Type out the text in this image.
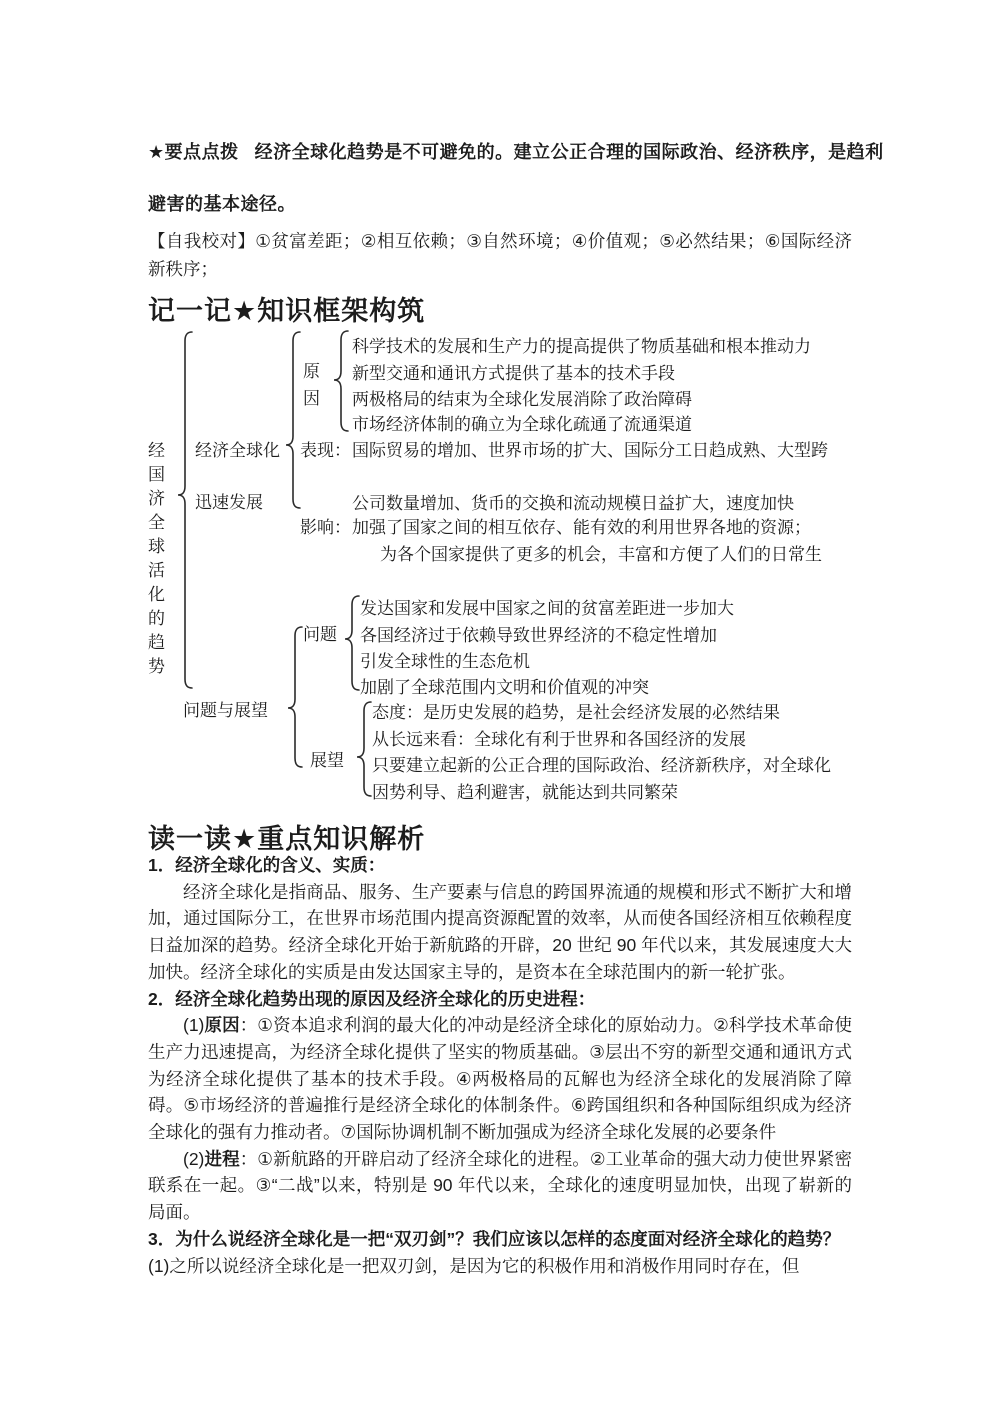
★要点点拨 经济全球化趋势是不可避免的。建立公正合理的国际政治、经济秩序，是趋利
避害的基本途径。
【自我校对】①贫富差距；②相互依赖；③自然环境；④价值观；⑤必然结果；⑥国际经济新秩序；
记一记★知识框架构筑
经国济全球活化的趋势
经济全球化
迅速发展
原因
科学技术的发展和生产力的提高提供了物质基础和根本推动力
新型交通和通讯方式提供了基本的技术手段
两极格局的结束为全球化发展消除了政治障碍
市场经济体制的确立为全球化疏通了流通渠道
表现： 国际贸易的增加、世界市场的扩大、国际分工日趋成熟、大型跨
公司数量增加、货币的交换和流动规模日益扩大，速度加快
影响： 加强了国家之间的相互依存、能有效的利用世界各地的资源；
为各个国家提供了更多的机会，丰富和方便了人们的日常生
问题与展望
问题
发达国家和发展中国家之间的贫富差距进一步加大
各国经济过于依赖导致世界经济的不稳定性增加
引发全球性的生态危机
加剧了全球范围内文明和价值观的冲突
展望
态度：是历史发展的趋势，是社会经济发展的必然结果
从长远来看：全球化有利于世界和各国经济的发展
只要建立起新的公正合理的国际政治、经济新秩序，对全球化
因势利导、趋利避害，就能达到共同繁荣
读一读★重点知识解析

1．经济全球化的含义、实质：

经济全球化是指商品、服务、生产要素与信息的跨国界流通的规模和形式不断扩大和增加，通过国际分工，在世界市场范围内提高资源配置的效率，从而使各国经济相互依赖程度日益加深的趋势。经济全球化开始于新航路的开辟，20 世纪 90 年代以来，其发展速度大大加快。经济全球化的实质是由发达国家主导的，是资本在全球范围内的新一轮扩张。

2．经济全球化趋势出现的原因及经济全球化的历史进程：

(1)原因：①资本追求利润的最大化的冲动是经济全球化的原始动力。②科学技术革命使生产力迅速提高，为经济全球化提供了坚实的物质基础。③层出不穷的新型交通和通讯方式为经济全球化提供了基本的技术手段。④两极格局的瓦解也为经济全球化的发展消除了障碍。⑤市场经济的普遍推行是经济全球化的体制条件。⑥跨国组织和各种国际组织成为经济全球化的强有力推动者。⑦国际协调机制不断加强成为经济全球化发展的必要条件

(2)进程：①新航路的开辟启动了经济全球化的进程。②工业革命的强大动力使世界紧密联系在一起。③“二战”以来，特别是 90 年代以来，全球化的速度明显加快，出现了崭新的局面。

3．为什么说经济全球化是一把“双刃剑”？我们应该以怎样的态度面对经济全球化的趋势？

(1)之所以说经济全球化是一把双刃剑，是因为它的积极作用和消极作用同时存在，但
